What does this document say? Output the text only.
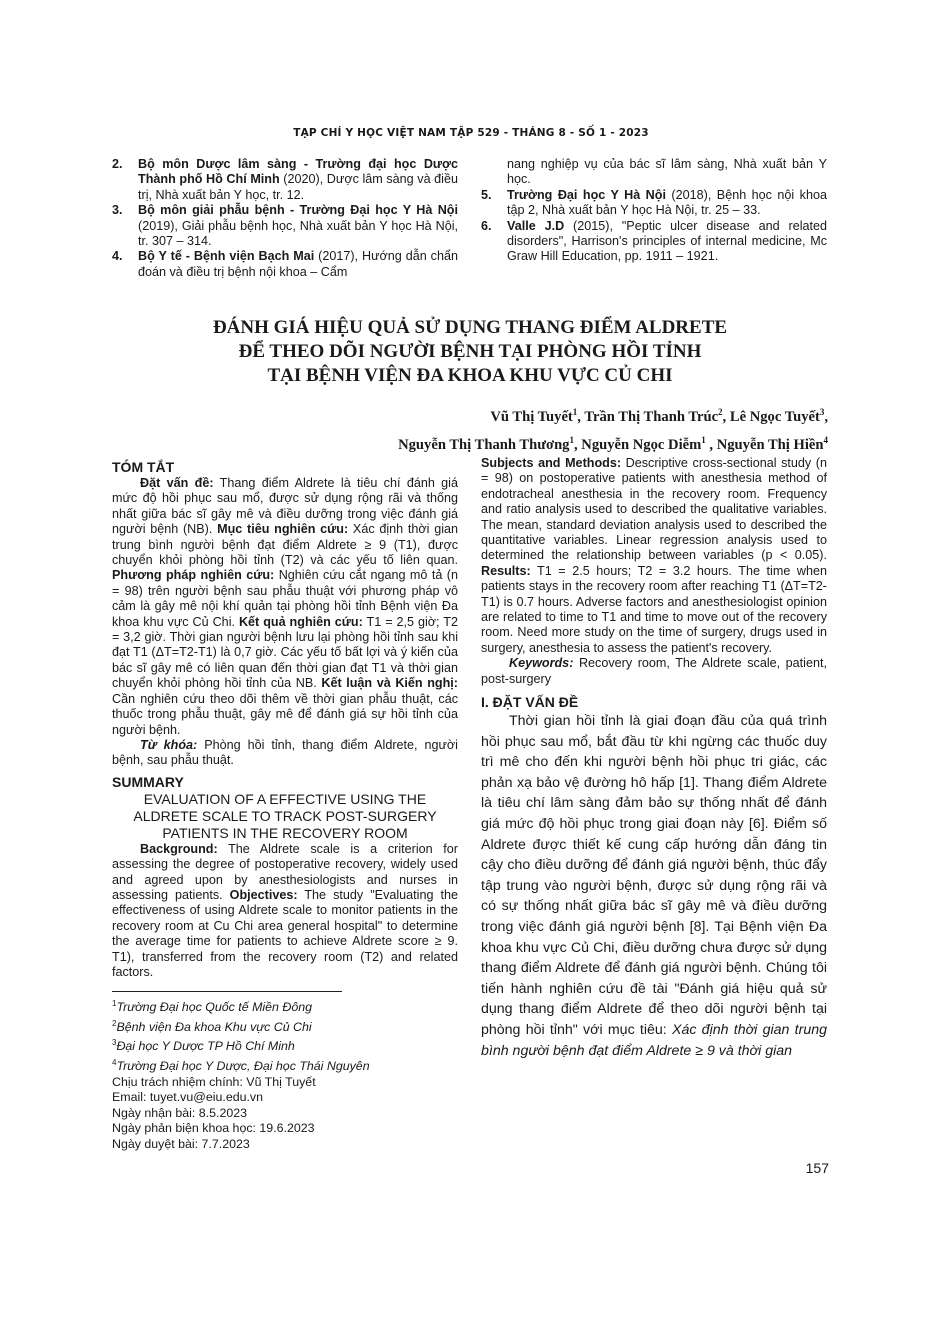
TẠP CHÍ Y HỌC VIỆT NAM TẬP 529 - THÁNG 8 - SỐ 1 - 2023
2.	Bộ môn Dược lâm sàng - Trường đại học Dược Thành phố Hồ Chí Minh (2020), Dược lâm sàng và điều trị, Nhà xuất bản Y học, tr. 12.
3.	Bộ môn giải phẫu bệnh - Trường Đại học Y Hà Nội (2019), Giải phẫu bệnh học, Nhà xuất bản Y học Hà Nội, tr. 307 – 314.
4.	Bộ Y tế - Bệnh viện Bạch Mai (2017), Hướng dẫn chẩn đoán và điều trị bệnh nội khoa – Cẩm
nang nghiệp vụ của bác sĩ lâm sàng, Nhà xuất bản Y học.
5.	Trường Đại học Y Hà Nội (2018), Bệnh học nội khoa tập 2, Nhà xuất bản Y học Hà Nội, tr. 25 – 33.
6.	Valle J.D (2015), "Peptic ulcer disease and related disorders", Harrison's principles of internal medicine, Mc Graw Hill Education, pp. 1911 – 1921.
ĐÁNH GIÁ HIỆU QUẢ SỬ DỤNG THANG ĐIỂM ALDRETE
ĐỂ THEO DÕI NGƯỜI BỆNH TẠI PHÒNG HỒI TỈNH
TẠI BỆNH VIỆN ĐA KHOA KHU VỰC CỦ CHI
Vũ Thị Tuyết$^1$, Trần Thị Thanh Trúc$^2$, Lê Ngọc Tuyết$^3$,
Nguyễn Thị Thanh Thương$^1$, Nguyễn Ngọc Diễm$^1$ , Nguyễn Thị Hiền$^4$
TÓM TẮT
Đặt vấn đề: Thang điểm Aldrete là tiêu chí đánh giá mức độ hồi phục sau mổ, được sử dụng rộng rãi và thống nhất giữa bác sĩ gây mê và điều dưỡng trong việc đánh giá người bệnh (NB). Mục tiêu nghiên cứu: Xác định thời gian trung bình người bệnh đạt điểm Aldrete ≥ 9 (T1), được chuyển khỏi phòng hồi tỉnh (T2) và các yếu tố liên quan. Phương pháp nghiên cứu: Nghiên cứu cắt ngang mô tả (n = 98) trên người bệnh sau phẫu thuật với phương pháp vô cảm là gây mê nội khí quản tại phòng hồi tỉnh Bệnh viện Đa khoa khu vực Củ Chi. Kết quả nghiên cứu: T1 = 2,5 giờ; T2 = 3,2 giờ. Thời gian người bệnh lưu lại phòng hồi tỉnh sau khi đạt T1 (ΔT=T2-T1) là 0,7 giờ. Các yếu tố bất lợi và ý kiến của bác sĩ gây mê có liên quan đến thời gian đạt T1 và thời gian chuyển khỏi phòng hồi tỉnh của NB. Kết luận và Kiến nghị: Cần nghiên cứu theo dõi thêm về thời gian phẫu thuật, các thuốc trong phẫu thuật, gây mê để đánh giá sự hồi tỉnh của người bệnh.
Từ khóa: Phòng hồi tỉnh, thang điểm Aldrete, người bệnh, sau phẫu thuật.
SUMMARY

EVALUATION OF A EFFECTIVE USING THE ALDRETE SCALE TO TRACK POST-SURGERY PATIENTS IN THE RECOVERY ROOM

Background: The Aldrete scale is a criterion for assessing the degree of postoperative recovery, widely used and agreed upon by anesthesiologists and nurses in assessing patients. Objectives: The study "Evaluating the effectiveness of using Aldrete scale to monitor patients in the recovery room at Cu Chi area general hospital" to determine the average time for patients to achieve Aldrete score ≥ 9. T1), transferred from the recovery room (T2) and related factors.
$^1$Trường Đại học Quốc tế Miền Đông
$^2$Bệnh viện Đa khoa Khu vực Củ Chi
$^3$Đại học Y Dược TP Hồ Chí Minh
$^4$Trường Đại học Y Dược, Đại học Thái Nguyên
Chịu trách nhiệm chính: Vũ Thị Tuyết
Email: tuyet.vu@eiu.edu.vn
Ngày nhận bài: 8.5.2023
Ngày phản biện khoa học: 19.6.2023
Ngày duyệt bài: 7.7.2023
Subjects and Methods: Descriptive cross-sectional study (n = 98) on postoperative patients with anesthesia method of endotracheal anesthesia in the recovery room. Frequency and ratio analysis used to described the qualitative variables. The mean, standard deviation analysis used to described the quantitative variables. Linear regression analysis used to determined the relationship between variables (p < 0.05). Results: T1 = 2.5 hours; T2 = 3.2 hours. The time when patients stays in the recovery room after reaching T1 (ΔT=T2-T1) is 0.7 hours. Adverse factors and anesthesiologist opinion are related to time to T1 and time to move out of the recovery room. Need more study on the time of surgery, drugs used in surgery, anesthesia to assess the patient's recovery.
Keywords: Recovery room, The Aldrete scale, patient, post-surgery
I. ĐẶT VẤN ĐỀ
Thời gian hồi tỉnh là giai đoạn đầu của quá trình hồi phục sau mổ, bắt đầu từ khi ngừng các thuốc duy trì mê cho đến khi người bệnh hồi phục tri giác, các phản xạ bảo vệ đường hô hấp [1]. Thang điểm Aldrete là tiêu chí lâm sàng đảm bảo sự thống nhất để đánh giá mức độ hồi phục trong giai đoạn này [6]. Điểm số Aldrete được thiết kế cung cấp hướng dẫn đáng tin cậy cho điều dưỡng để đánh giá người bệnh, thúc đẩy tập trung vào người bệnh, được sử dụng rộng rãi và có sự thống nhất giữa bác sĩ gây mê và điều dưỡng trong việc đánh giá người bệnh [8]. Tại Bệnh viện Đa khoa khu vực Củ Chi, điều dưỡng chưa được sử dụng thang điểm Aldrete để đánh giá người bệnh. Chúng tôi tiến hành nghiên cứu đề tài "Đánh giá hiệu quả sử dụng thang điểm Aldrete để theo dõi người bệnh tại phòng hồi tỉnh" với mục tiêu: Xác định thời gian trung bình người bệnh đạt điểm Aldrete ≥ 9 và thời gian
157
